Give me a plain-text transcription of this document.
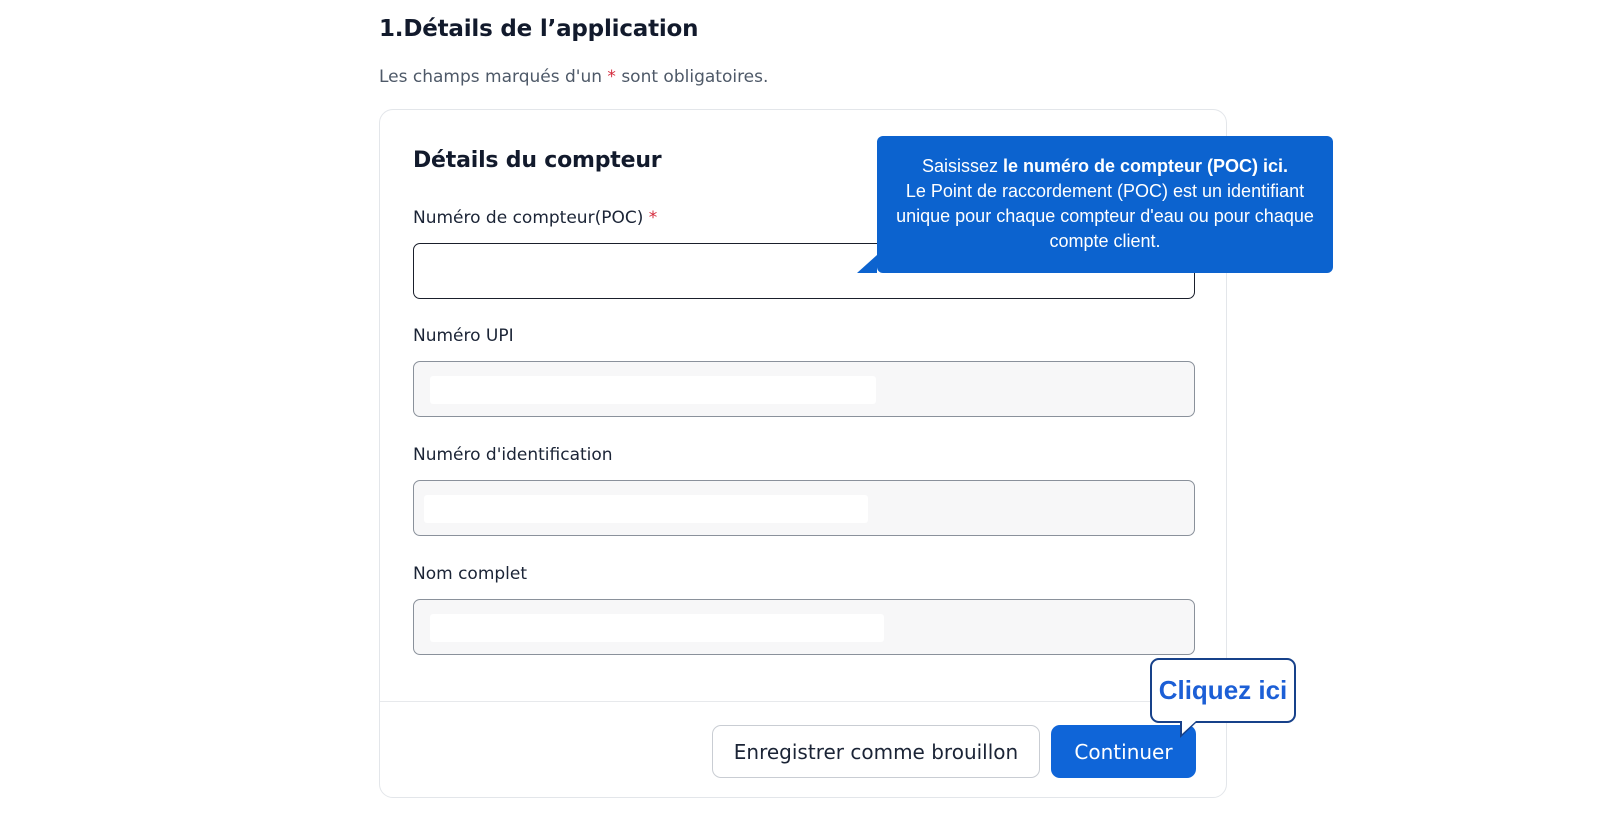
1.Détails de l’application
Les champs marqués d'un * sont obligatoires.
Détails du compteur
Numéro de compteur(POC) *
Numéro UPI
Numéro d'identification
Nom complet
Enregistrer comme brouillon	Continuer
Saisissez le numéro de compteur (POC) ici.
Le Point de raccordement (POC) est un identifiant unique pour chaque compteur d'eau ou pour chaque compte client.
Cliquez ici
